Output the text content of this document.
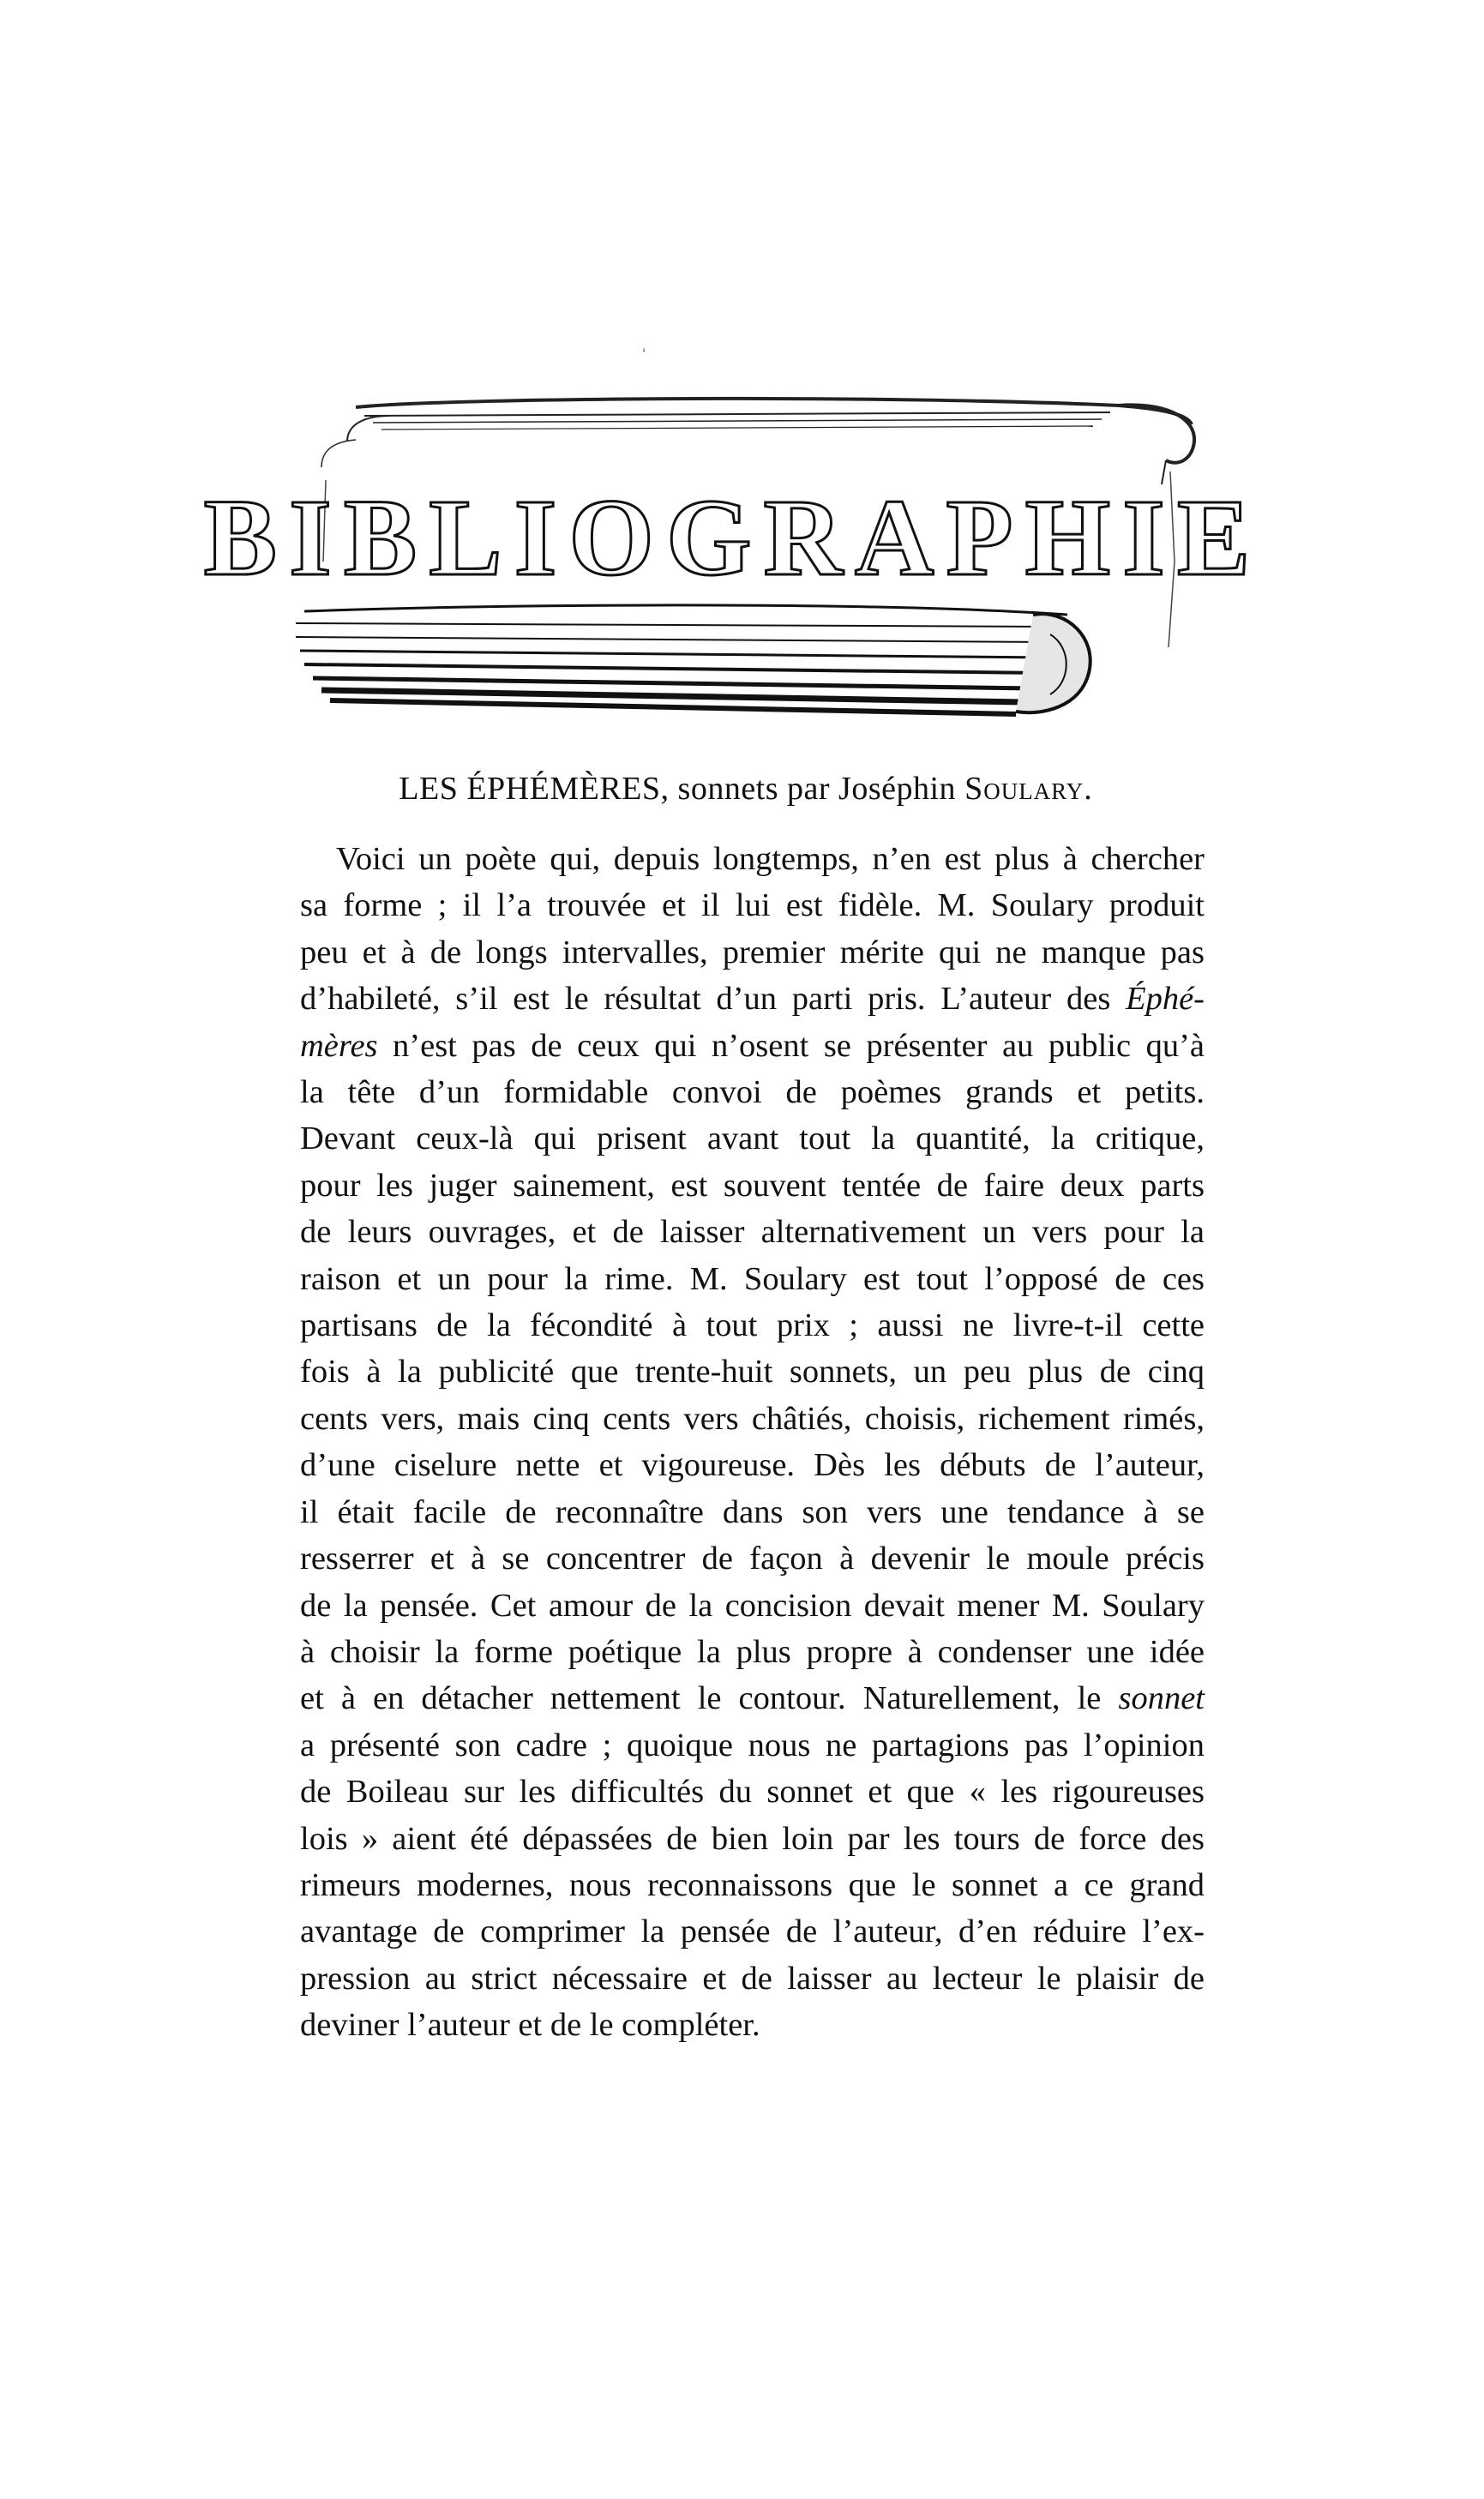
BIBLIOGRAPHIE
LES ÉPHÉMÈRES, sonnets par Joséphin Soulary.

Voici un poète qui, depuis longtemps, n’en est plus à chercher
sa forme ; il l’a trouvée et il lui est fidèle. M. Soulary produit
peu et à de longs intervalles, premier mérite qui ne manque pas
d’habileté, s’il est le résultat d’un parti pris. L’auteur des Éphé-
mères n’est pas de ceux qui n’osent se présenter au public qu’à
la tête d’un formidable convoi de poèmes grands et petits.
Devant ceux-là qui prisent avant tout la quantité, la critique,
pour les juger sainement, est souvent tentée de faire deux parts
de leurs ouvrages, et de laisser alternativement un vers pour la
raison et un pour la rime. M. Soulary est tout l’opposé de ces
partisans de la fécondité à tout prix ; aussi ne livre-t-il cette
fois à la publicité que trente-huit sonnets, un peu plus de cinq
cents vers, mais cinq cents vers châtiés, choisis, richement rimés,
d’une ciselure nette et vigoureuse. Dès les débuts de l’auteur,
il était facile de reconnaître dans son vers une tendance à se
resserrer et à se concentrer de façon à devenir le moule précis
de la pensée. Cet amour de la concision devait mener M. Soulary
à choisir la forme poétique la plus propre à condenser une idée
et à en détacher nettement le contour. Naturellement, le sonnet
a présenté son cadre ; quoique nous ne partagions pas l’opinion
de Boileau sur les difficultés du sonnet et que « les rigoureuses
lois » aient été dépassées de bien loin par les tours de force des
rimeurs modernes, nous reconnaissons que le sonnet a ce grand
avantage de comprimer la pensée de l’auteur, d’en réduire l’ex-
pression au strict nécessaire et de laisser au lecteur le plaisir de
deviner l’auteur et de le compléter.

‘
